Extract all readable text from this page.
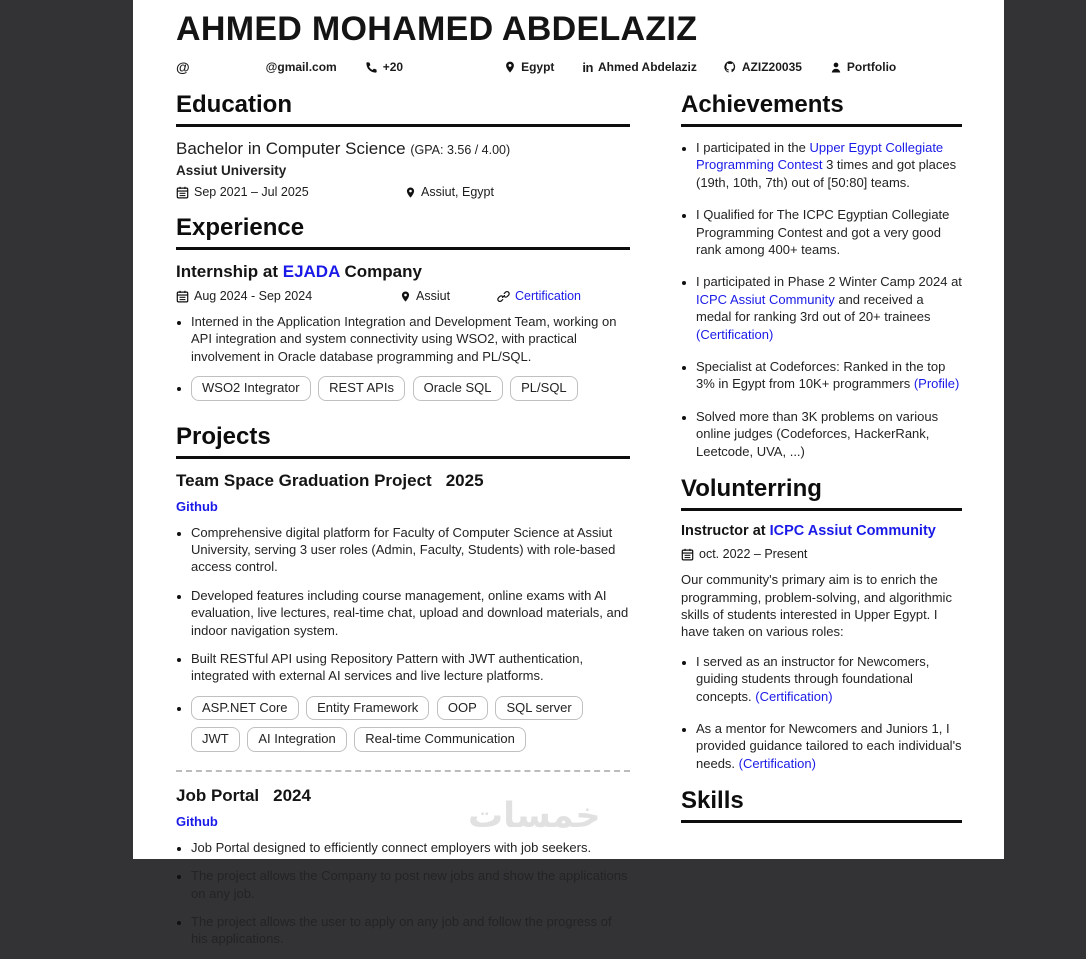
AHMED MOHAMED ABDELAZIZ
@	@gmail.com	+20	Egypt in Ahmed Abdelaziz	AZIZ20035	Portfolio
Education
Bachelor in Computer Science (GPA: 3.56 / 4.00)
Assiut University
Sep 2021 – Jul 2025	Assiut, Egypt
Experience
Internship at EJADA Company
Aug 2024 - Sep 2024	Assiut	Certification
• Interned in the Application Integration and Development Team, working on API integration and system connectivity using WSO2, with practical involvement in Oracle database programming and PL/SQL.
• WSO2 Integrator REST APIs Oracle SQL PL/SQL
Projects
Team Space Graduation Project 2025
Github
• Comprehensive digital platform for Faculty of Computer Science at Assiut University, serving 3 user roles (Admin, Faculty, Students) with role-based access control.
• Developed features including course management, online exams with AI evaluation, live lectures, real-time chat, upload and download materials, and indoor navigation system.
• Built RESTful API using Repository Pattern with JWT authentication, integrated with external AI services and live lecture platforms.
• ASP.NET Core Entity Framework OOP SQL server JWT AI Integration Real-time Communication
Job Portal 2024
Github
• Job Portal designed to efficiently connect employers with job seekers.
• The project allows the Company to post new jobs and show the applications on any job.
• The project allows the user to apply on any job and follow the progress of his applications.
Achievements
• I participated in the Upper Egypt Collegiate Programming Contest 3 times and got places (19th, 10th, 7th) out of [50:80] teams.
• I Qualified for The ICPC Egyptian Collegiate Programming Contest and got a very good rank among 400+ teams.
• I participated in Phase 2 Winter Camp 2024 at ICPC Assiut Community and received a medal for ranking 3rd out of 20+ trainees (Certification)
• Specialist at Codeforces: Ranked in the top 3% in Egypt from 10K+ programmers (Profile)
• Solved more than 3K problems on various online judges (Codeforces, HackerRank, Leetcode, UVA, ...)
Volunterring
Instructor at ICPC Assiut Community
oct. 2022 – Present

Our community's primary aim is to enrich the programming, problem-solving, and algorithmic skills of students interested in Upper Egypt. I have taken on various roles:

• I served as an instructor for Newcomers, guiding students through foundational concepts. (Certification)
• As a mentor for Newcomers and Juniors 1, I provided guidance tailored to each individual's needs. (Certification)
Skills
خمسات
